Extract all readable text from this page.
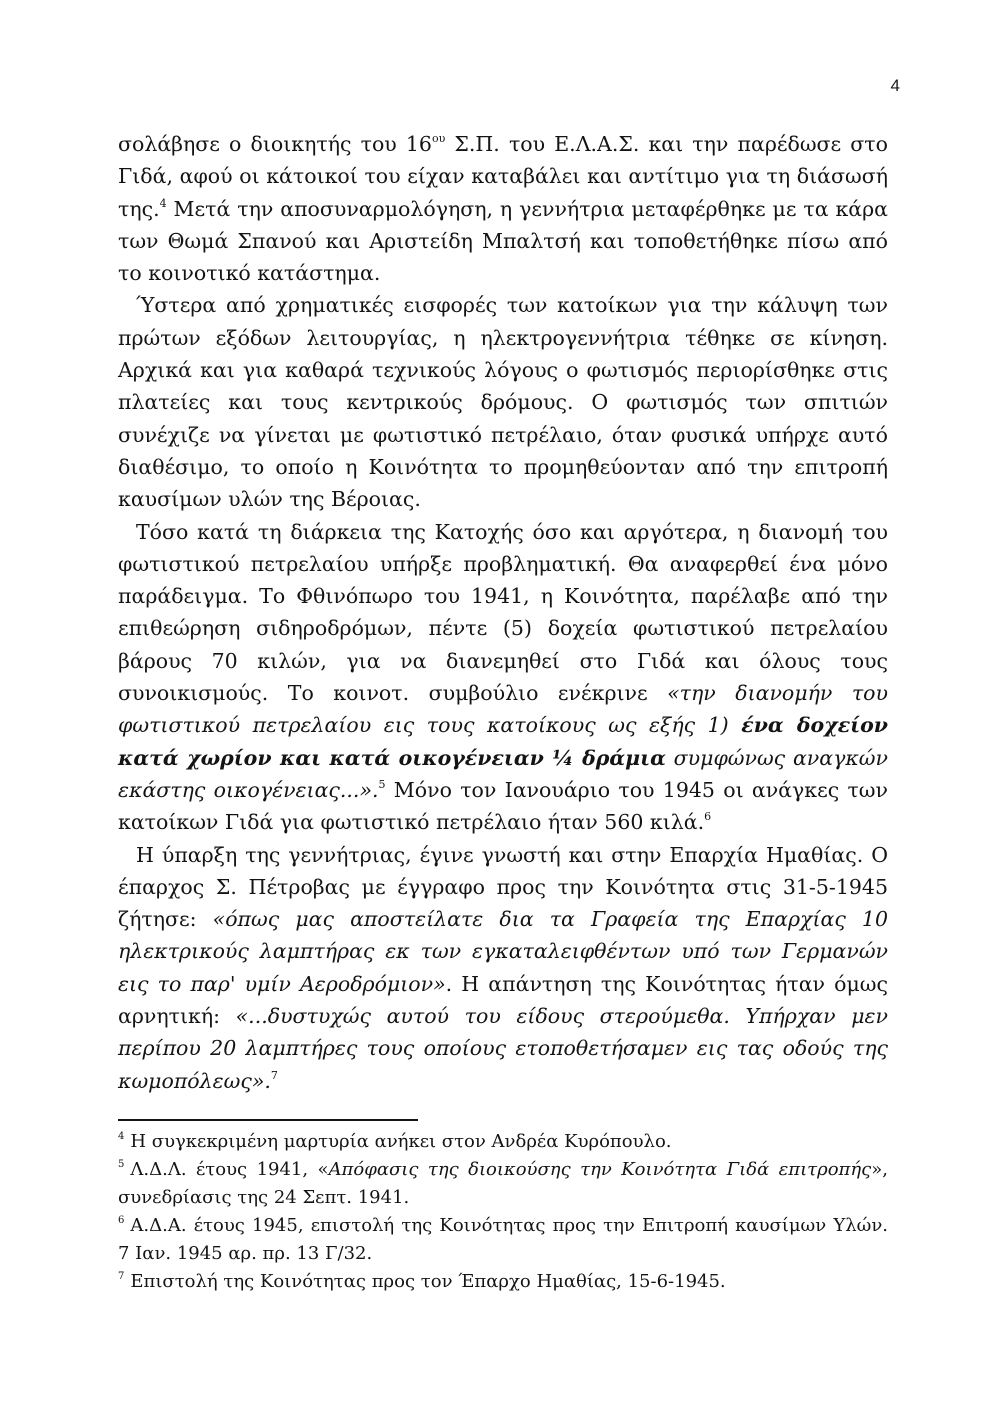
4

σολάβησε ο διοικητής του $16^{o\upsilon}$ Σ.Π. του Ε.Λ.Α.Σ. και την παρέδωσε στο Γιδά, αφού οι κάτοικοί του είχαν καταβάλει και αντίτιμο για τη διάσωσή της.$^4$ Μετά την αποσυναρμολόγηση, η γεννήτρια μεταφέρθηκε με τα κάρα των Θωμά Σπανού και Αριστείδη Μπαλτσή και τοποθετήθηκε πίσω από το κοινοτικό κατάστημα.

Ύστερα από χρηματικές εισφορές των κατοίκων για την κάλυψη των πρώτων εξόδων λειτουργίας, η ηλεκτρογεννήτρια τέθηκε σε κίνηση. Αρχικά και για καθαρά τεχνικούς λόγους ο φωτισμός περιορίσθηκε στις πλατείες και τους κεντρικούς δρόμους. Ο φωτισμός των σπιτιών συνέχιζε να γίνεται με φωτιστικό πετρέλαιο, όταν φυσικά υπήρχε αυτό διαθέσιμο, το οποίο η Κοινότητα το προμηθεύονταν από την επιτροπή καυσίμων υλών της Βέροιας.

Τόσο κατά τη διάρκεια της Κατοχής όσο και αργότερα, η διανομή του φωτιστικού πετρελαίου υπήρξε προβληματική. Θα αναφερθεί ένα μόνο παράδειγμα. Το Φθινόπωρο του 1941, η Κοινότητα, παρέλαβε από την επιθεώρηση σιδηροδρόμων, πέντε (5) δοχεία φωτιστικού πετρελαίου βάρους 70 κιλών, για να διανεμηθεί στο Γιδά και όλους τους συνοικισμούς. Το κοινοτ. συμβούλιο ενέκρινε «την διανομήν του φωτιστικού πετρελαίου εις τους κατοίκους ως εξής 1) ένα δοχείον κατά χωρίον και κατά οικογένειαν ¼ δράμια συμφώνως αναγκών εκάστης οικογένειας...».$^5$ Μόνο τον Ιανουάριο του 1945 οι ανάγκες των κατοίκων Γιδά για φωτιστικό πετρέλαιο ήταν 560 κιλά.$^6$

Η ύπαρξη της γεννήτριας, έγινε γνωστή και στην Επαρχία Ημαθίας. Ο έπαρχος Σ. Πέτροβας με έγγραφο προς την Κοινότητα στις 31-5-1945 ζήτησε: «όπως μας αποστείλατε δια τα Γραφεία της Επαρχίας 10 ηλεκτρικούς λαμπτήρας εκ των εγκαταλειφθέντων υπό των Γερμανών εις το παρ' υμίν Αεροδρόμιον». Η απάντηση της Κοινότητας ήταν όμως αρνητική: «...δυστυχώς αυτού του είδους στερούμεθα. Υπήρχαν μεν περίπου 20 λαμπτήρες τους οποίους ετοποθετήσαμεν εις τας οδούς της κωμοπόλεως».$^7$

$^4$ Η συγκεκριμένη μαρτυρία ανήκει στον Ανδρέα Κυρόπουλο.

$^5$ Λ.Δ.Λ. έτους 1941, «Απόφασις της διοικούσης την Κοινότητα Γιδά επιτροπής», συνεδρίασις της 24 Σεπτ. 1941.

$^6$ Α.Δ.Α. έτους 1945, επιστολή της Κοινότητας προς την Επιτροπή καυσίμων Υλών. 7 Ιαν. 1945 αρ. πρ. 13 Γ/32.

$^7$ Επιστολή της Κοινότητας προς τον Έπαρχο Ημαθίας, 15-6-1945.
